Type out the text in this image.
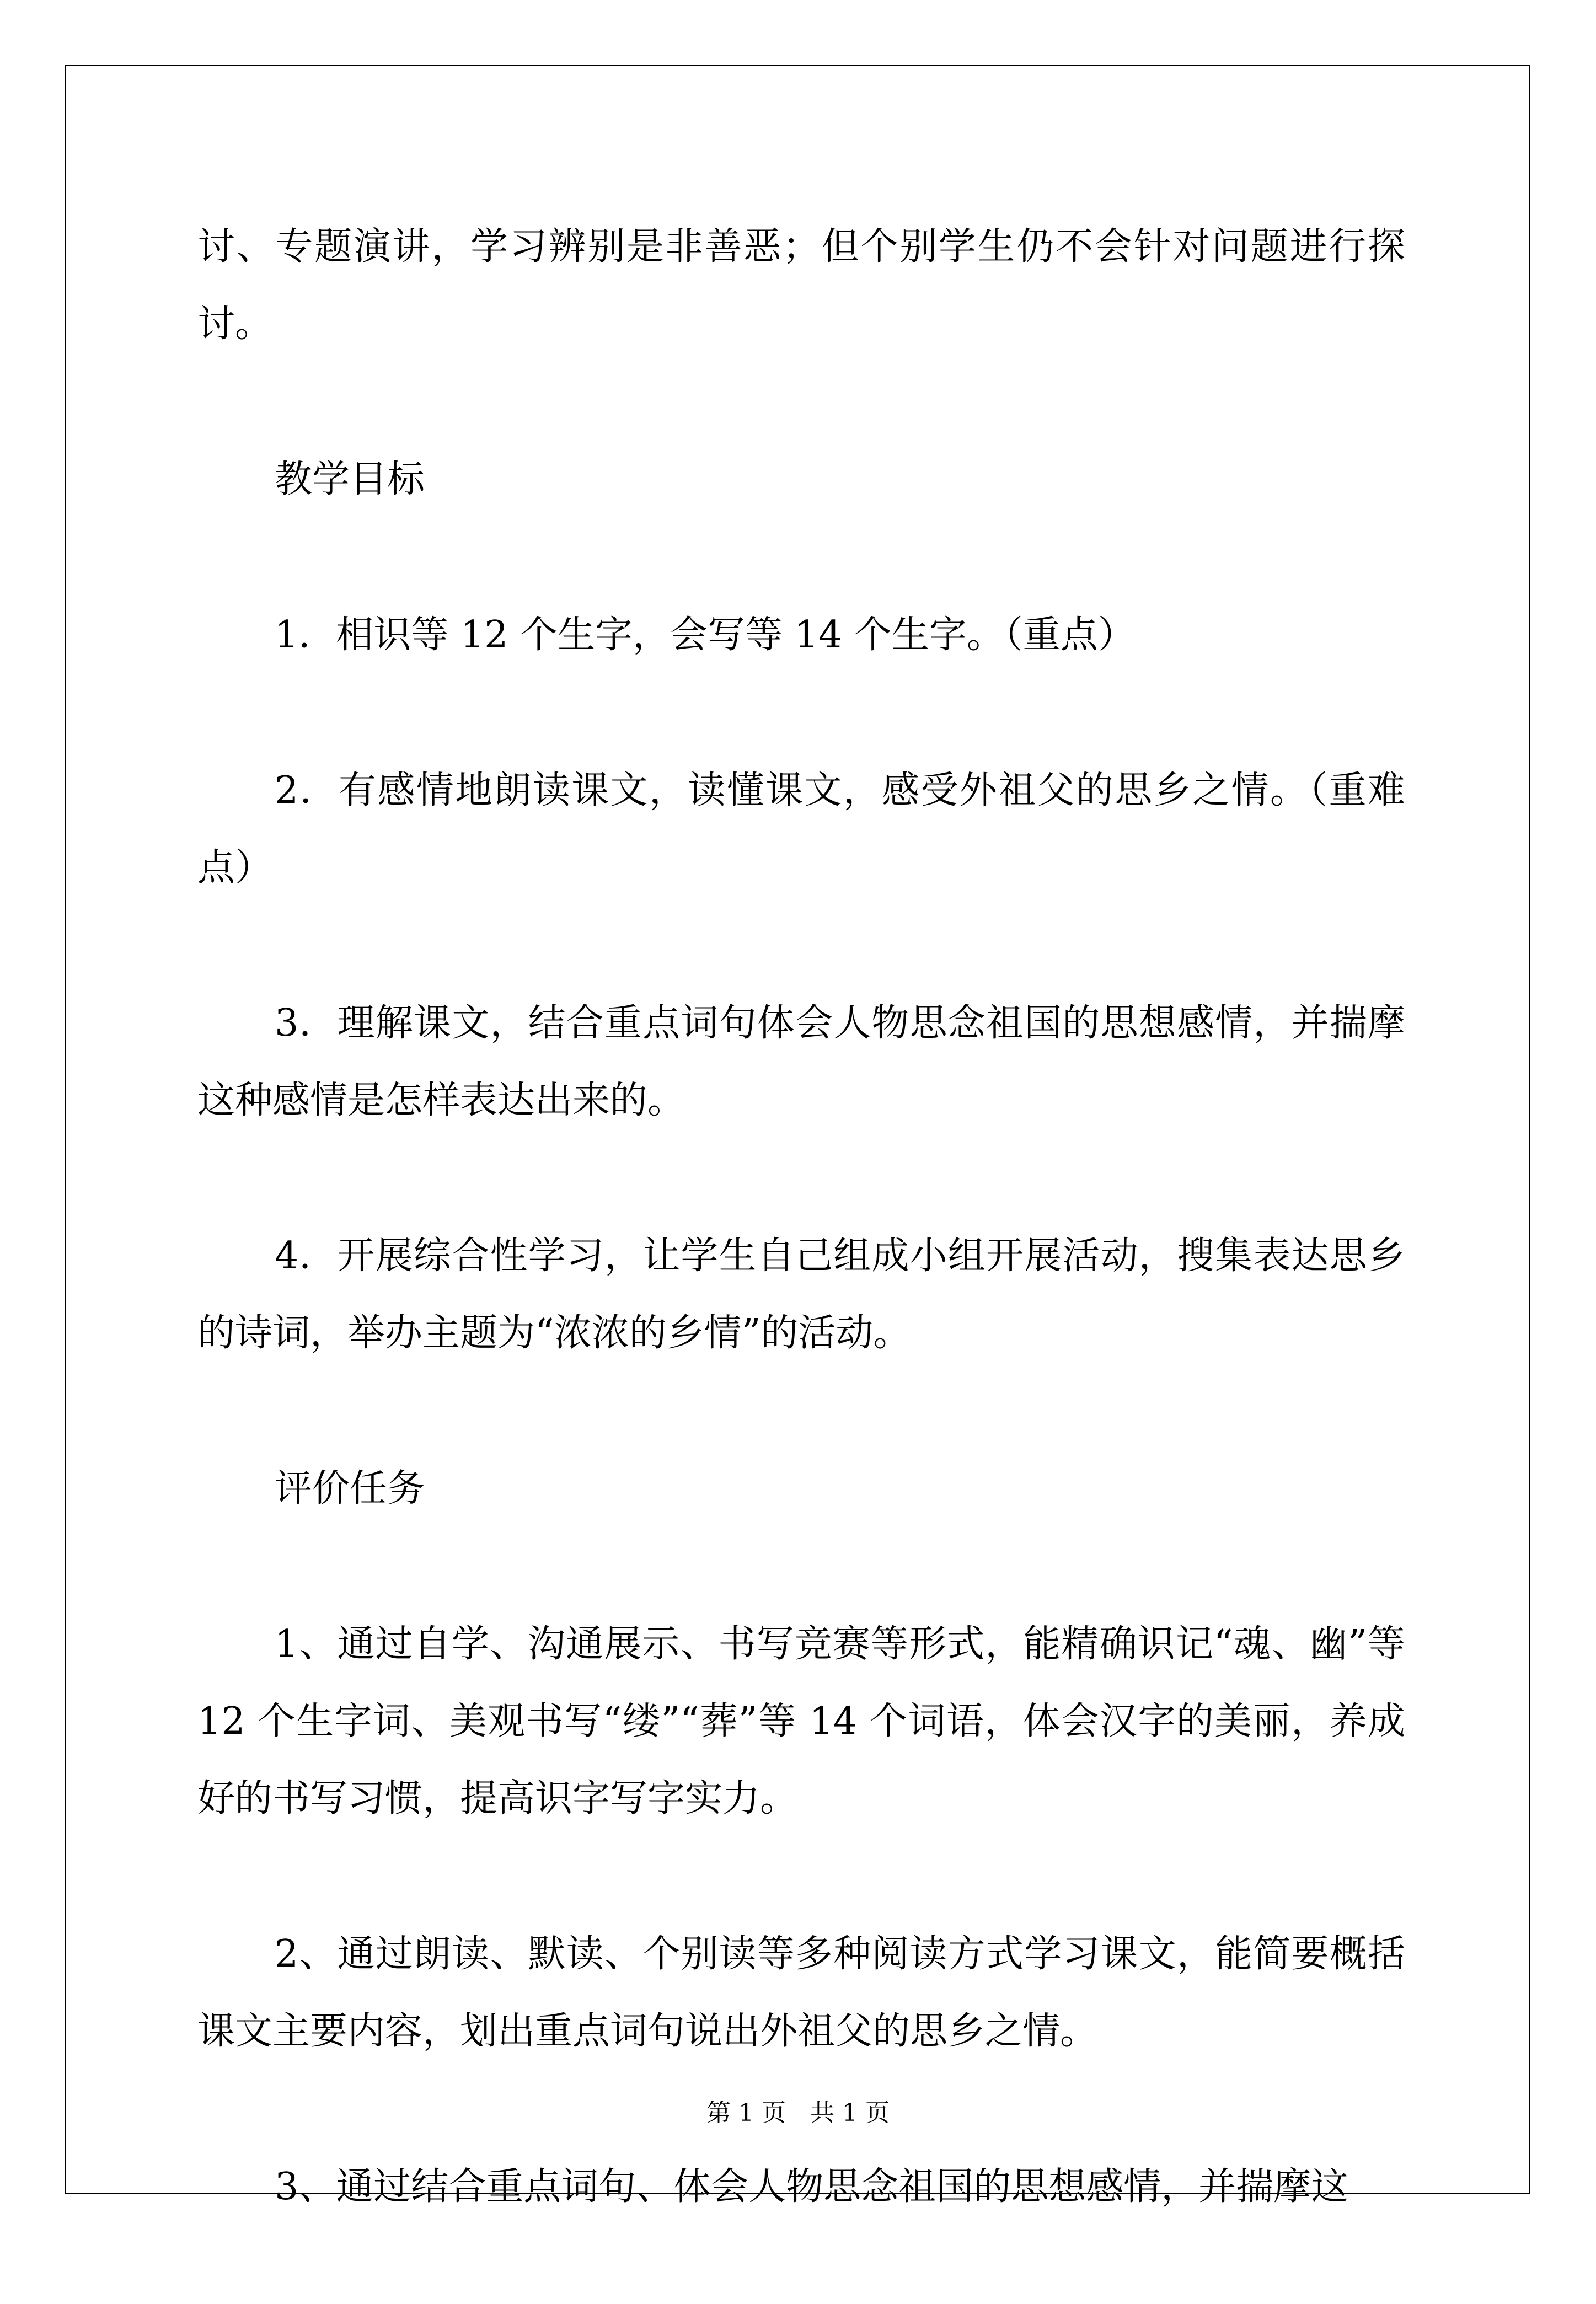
讨、专题演讲，学习辨别是非善恶；但个别学生仍不会针对问题进行探讨。

教学目标

1．相识等 12 个生字，会写等 14 个生字。（重点）

2．有感情地朗读课文，读懂课文，感受外祖父的思乡之情。（重难点）

3．理解课文，结合重点词句体会人物思念祖国的思想感情，并揣摩这种感情是怎样表达出来的。

4．开展综合性学习，让学生自己组成小组开展活动，搜集表达思乡的诗词，举办主题为“浓浓的乡情”的活动。

评价任务

1、通过自学、沟通展示、书写竞赛等形式，能精确识记“魂、幽”等 12 个生字词、美观书写“缕”“葬”等 14 个词语，体会汉字的美丽，养成好的书写习惯，提高识字写字实力。

2、通过朗读、默读、个别读等多种阅读方式学习课文，能简要概括课文主要内容，划出重点词句说出外祖父的思乡之情。

3、通过结合重点词句、体会人物思念祖国的思想感情，并揣摩这

第 1 页　共 1 页
